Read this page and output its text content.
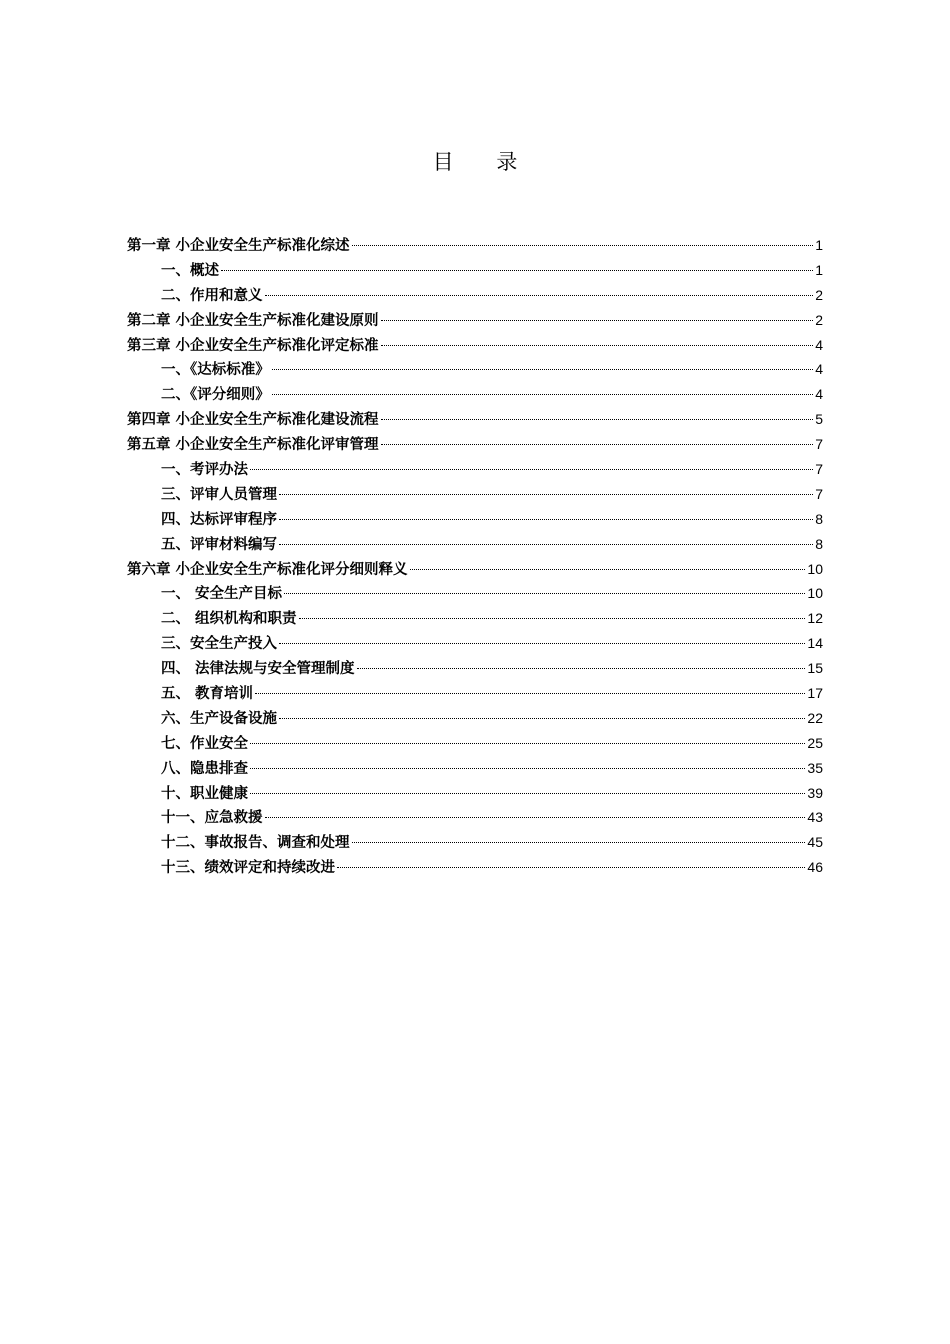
目 录
第一章 小企业安全生产标准化综述	1
一、概述	1
二、作用和意义	2
第二章 小企业安全生产标准化建设原则	2
第三章 小企业安全生产标准化评定标准	4
一、《达标标准》	4
二、《评分细则》	4
第四章 小企业安全生产标准化建设流程	5
第五章 小企业安全生产标准化评审管理	7
一、考评办法	7
三、评审人员管理	7
四、达标评审程序	8
五、评审材料编写	8
第六章 小企业安全生产标准化评分细则释义	10
一、 安全生产目标	10
二、 组织机构和职责	12
三、安全生产投入	14
四、 法律法规与安全管理制度	15
五、 教育培训	17
六、生产设备设施	22
七、作业安全	25
八、隐患排查	35
十、职业健康	39
十一、应急救援	43
十二、事故报告、调查和处理	45
十三、绩效评定和持续改进	46
